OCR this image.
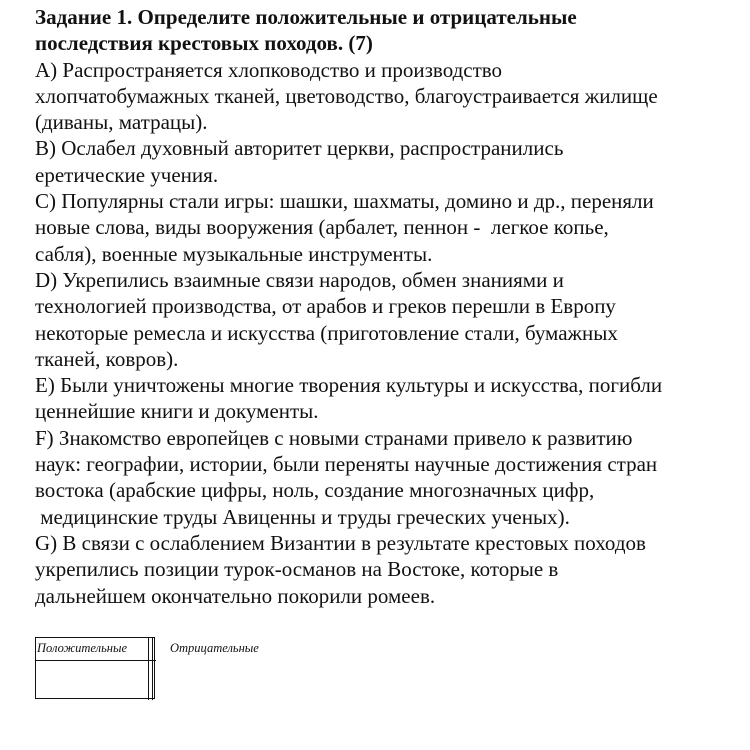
Задание 1. Определите положительные и отрицательные
последствия крестовых походов. (7)
A) Распространяется хлопководство и производство
хлопчатобумажных тканей, цветоводство, благоустраивается жилище
(диваны, матрацы).
B) Ослабел духовный авторитет церкви, распространились
еретические учения.
C) Популярны стали игры: шашки, шахматы, домино и др., переняли
новые слова, виды вооружения (арбалет, пеннон -  легкое копье,
сабля), военные музыкальные инструменты.
D) Укрепились взаимные связи народов, обмен знаниями и
технологией производства, от арабов и греков перешли в Европу
некоторые ремесла и искусства (приготовление стали, бумажных
тканей, ковров).
E) Были уничтожены многие творения культуры и искусства, погибли
ценнейшие книги и документы.
F) Знакомство европейцев с новыми странами привело к развитию
наук: географии, истории, были переняты научные достижения стран
востока (арабские цифры, ноль, создание многозначных цифр,
медицинские труды Авиценны и труды греческих ученых).
G) В связи с ослаблением Византии в результате крестовых походов
укрепились позиции турок-османов на Востоке, которые в
дальнейшем окончательно покорили ромеев.
Положительные	Отрицательные
